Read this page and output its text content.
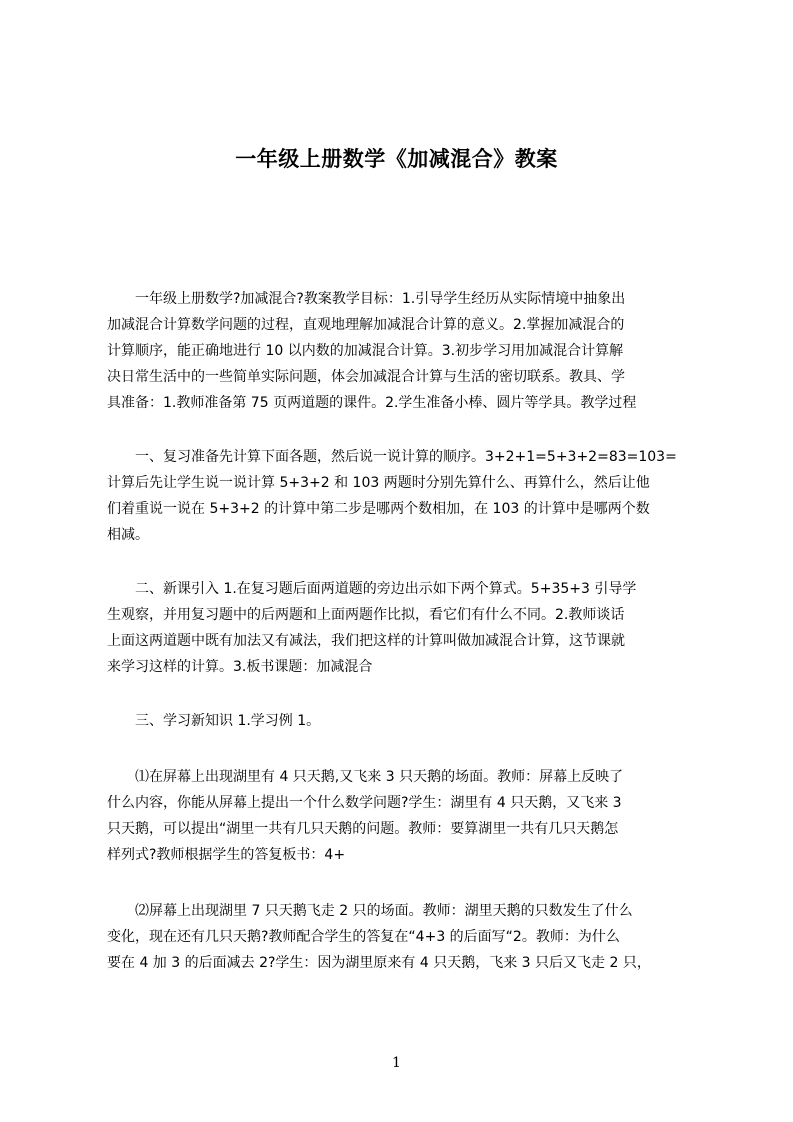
一年级上册数学《加减混合》教案
一年级上册数学?加减混合?教案教学目标：1.引导学生经历从实际情境中抽象出
加减混合计算数学问题的过程，直观地理解加减混合计算的意义。2.掌握加减混合的
计算顺序，能正确地进行 10 以内数的加减混合计算。3.初步学习用加减混合计算解
决日常生活中的一些简单实际问题，体会加减混合计算与生活的密切联系。教具、学
具准备：1.教师准备第 75 页两道题的课件。2.学生准备小棒、圆片等学具。教学过程
一、复习准备先计算下面各题，然后说一说计算的顺序。3+2+1=5+3+2=83=103=
计算后先让学生说一说计算 5+3+2 和 103 两题时分别先算什么、再算什么，然后让他
们着重说一说在 5+3+2 的计算中第二步是哪两个数相加，在 103 的计算中是哪两个数
相减。
二、新课引入 1.在复习题后面两道题的旁边出示如下两个算式。5+35+3 引导学
生观察，并用复习题中的后两题和上面两题作比拟，看它们有什么不同。2.教师谈话
上面这两道题中既有加法又有减法，我们把这样的计算叫做加减混合计算，这节课就
来学习这样的计算。3.板书课题：加减混合
三、学习新知识 1.学习例 1。
⑴在屏幕上出现湖里有 4 只天鹅,又飞来 3 只天鹅的场面。教师：屏幕上反映了
什么内容，你能从屏幕上提出一个什么数学问题?学生：湖里有 4 只天鹅，又飞来 3
只天鹅，可以提出“湖里一共有几只天鹅的问题。教师：要算湖里一共有几只天鹅怎
样列式?教师根据学生的答复板书：4+
⑵屏幕上出现湖里 7 只天鹅飞走 2 只的场面。教师：湖里天鹅的只数发生了什么
变化，现在还有几只天鹅?教师配合学生的答复在“4+3 的后面写“2。教师：为什么
要在 4 加 3 的后面减去 2?学生：因为湖里原来有 4 只天鹅，飞来 3 只后又飞走 2 只，
1
